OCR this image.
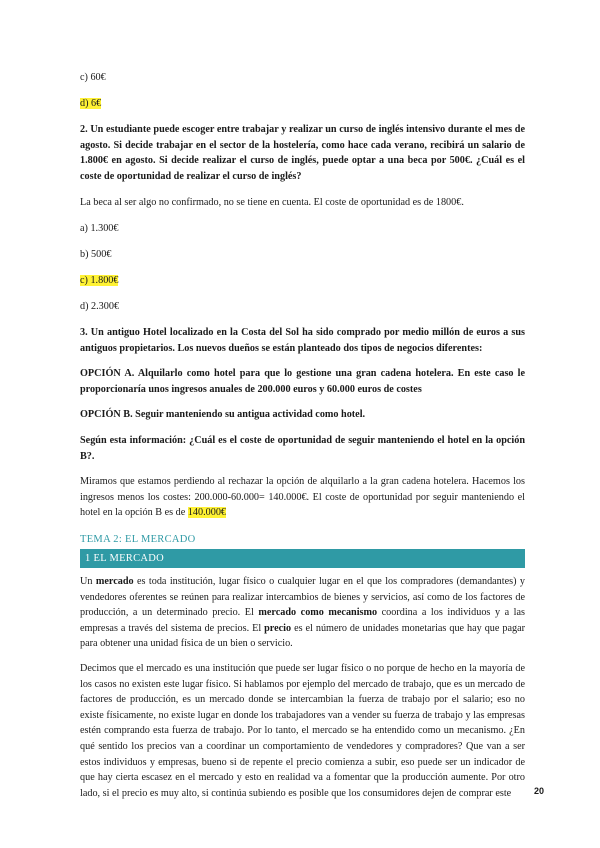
c) 60€

d) 6€

2. Un estudiante puede escoger entre trabajar y realizar un curso de inglés intensivo durante el mes de agosto. Si decide trabajar en el sector de la hostelería, como hace cada verano, recibirá un salario de 1.800€ en agosto. Si decide realizar el curso de inglés, puede optar a una beca por 500€. ¿Cuál es el coste de oportunidad de realizar el curso de inglés?

La beca al ser algo no confirmado, no se tiene en cuenta. El coste de oportunidad es de 1800€.

a) 1.300€

b) 500€

c) 1.800€

d) 2.300€

3. Un antiguo Hotel localizado en la Costa del Sol ha sido comprado por medio millón de euros a sus antiguos propietarios. Los nuevos dueños se están planteado dos tipos de negocios diferentes:

OPCIÓN A. Alquilarlo como hotel para que lo gestione una gran cadena hotelera. En este caso le proporcionaría unos ingresos anuales de 200.000 euros y 60.000 euros de costes

OPCIÓN B. Seguir manteniendo su antigua actividad como hotel.

Según esta información: ¿Cuál es el coste de oportunidad de seguir manteniendo el hotel en la opción B?.

Miramos que estamos perdiendo al rechazar la opción de alquilarlo a la gran cadena hotelera. Hacemos los ingresos menos los costes: 200.000-60.000= 140.000€. El coste de oportunidad por seguir manteniendo el hotel en la opción B es de 140.000€

TEMA 2: EL MERCADO
1 EL MERCADO

Un mercado es toda institución, lugar físico o cualquier lugar en el que los compradores (demandantes) y vendedores oferentes se reúnen para realizar intercambios de bienes y servicios, así como de los factores de producción, a un determinado precio. El mercado como mecanismo coordina a los individuos y a las empresas a través del sistema de precios. El precio es el número de unidades monetarias que hay que pagar para obtener una unidad física de un bien o servicio.

Decimos que el mercado es una institución que puede ser lugar físico o no porque de hecho en la mayoría de los casos no existen este lugar físico. Si hablamos por ejemplo del mercado de trabajo, que es un mercado de factores de producción, es un mercado donde se intercambian la fuerza de trabajo por el salario; eso no existe físicamente, no existe lugar en donde los trabajadores van a vender su fuerza de trabajo y las empresas estén comprando esta fuerza de trabajo. Por lo tanto, el mercado se ha entendido como un mecanismo. ¿En qué sentido los precios van a coordinar un comportamiento de vendedores y compradores? Que van a ser estos individuos y empresas, bueno si de repente el precio comienza a subir, eso puede ser un indicador de que hay cierta escasez en el mercado y esto en realidad va a fomentar que la producción aumente. Por otro lado, si el precio es muy alto, si continúa subiendo es posible que los consumidores dejen de comprar este	20
